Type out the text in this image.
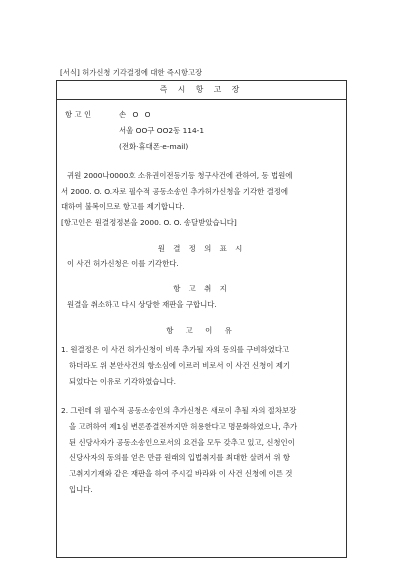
[서식] 허가신청 기각결정에 대한 즉시항고장
즉 시 항 고 장
항 고 인	손 O O
서울 OO구 OO2동 114-1
(전화·휴대폰·e-mail)
귀원 2000나0000호 소유권이전등기등 청구사건에 관하여, 동 법원에
서 2000. O. O.자로 필수적 공동소송인 추가허가신청을 기각한 결정에
대하여 불복이므로 항고를 제기합니다.
[항고인은 원결정정본을 2000. O. O. 송달받았습니다]
원 결 정 의 표 시
이 사건 허가신청은 이를 기각한다.
항 고 취 지
원결을 취소하고 다시 상당한 재판을 구합니다.
항 고 이 유
1. 원결정은 이 사건 허가신청이 비록 추가될 자의 동의를 구비하였다고
하더라도 위 본안사건의 항소심에 이르러 비로서 이 사건 신청이 제기
되었다는 이유로 기각하였습니다.
2. 그런데 위 필수적 공동소송인의 추가신청은 새로이 추될 자의 절차보장
을 고려하여 제1심 변론종결전까지만 허용한다고 명문화하였으나, 추가
된 신당사자가 공동소송인으로서의 요건을 모두 갖추고 있고, 신청인이
신당사자의 동의를 얻은 만큼 원래의 입법취지를 최대한 살려서 위 항
고취지기재와 같은 재판을 하여 주시길 바라와 이 사건 신청에 이른 것
입니다.
